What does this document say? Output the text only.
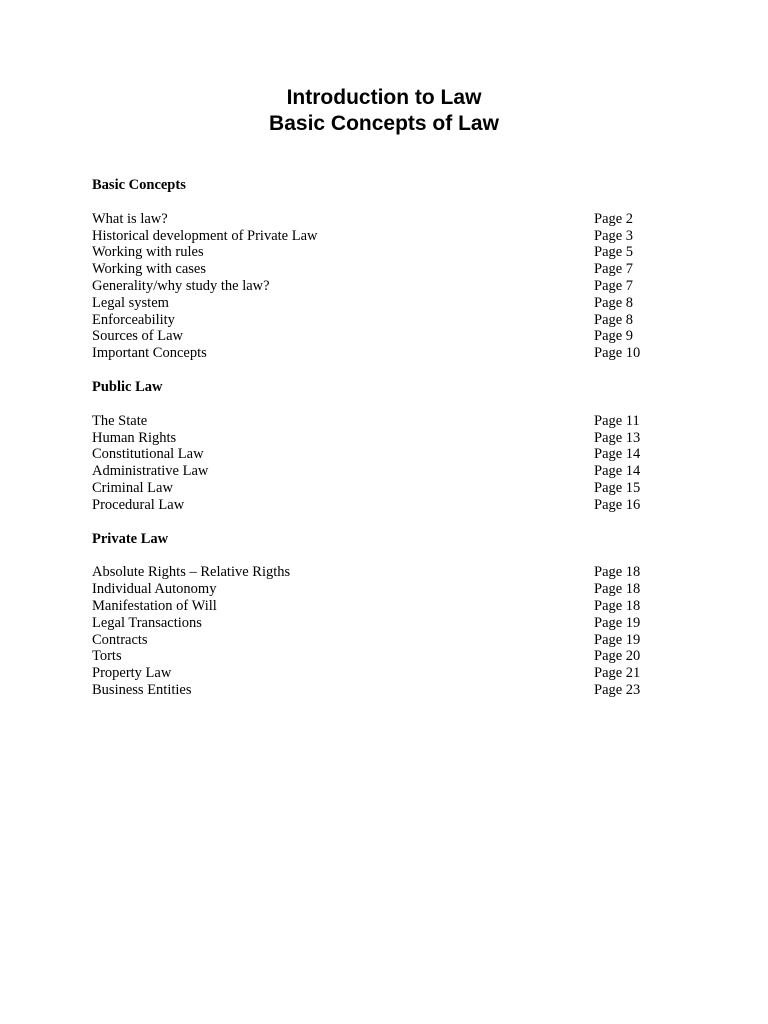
Introduction to Law
Basic Concepts of Law
Basic Concepts
What is law?	Page 2
Historical development of Private Law	Page 3
Working with rules	Page 5
Working with cases	Page 7
Generality/why study the law?	Page 7
Legal system	Page 8
Enforceability	Page 8
Sources of Law	Page 9
Important Concepts	Page 10
Public Law
The State	Page 11
Human Rights	Page 13
Constitutional Law	Page 14
Administrative Law	Page 14
Criminal Law	Page 15
Procedural Law	Page 16
Private Law
Absolute Rights – Relative Rigths	Page 18
Individual Autonomy	Page 18
Manifestation of Will	Page 18
Legal Transactions	Page 19
Contracts	Page 19
Torts	Page 20
Property Law	Page 21
Business Entities	Page 23
